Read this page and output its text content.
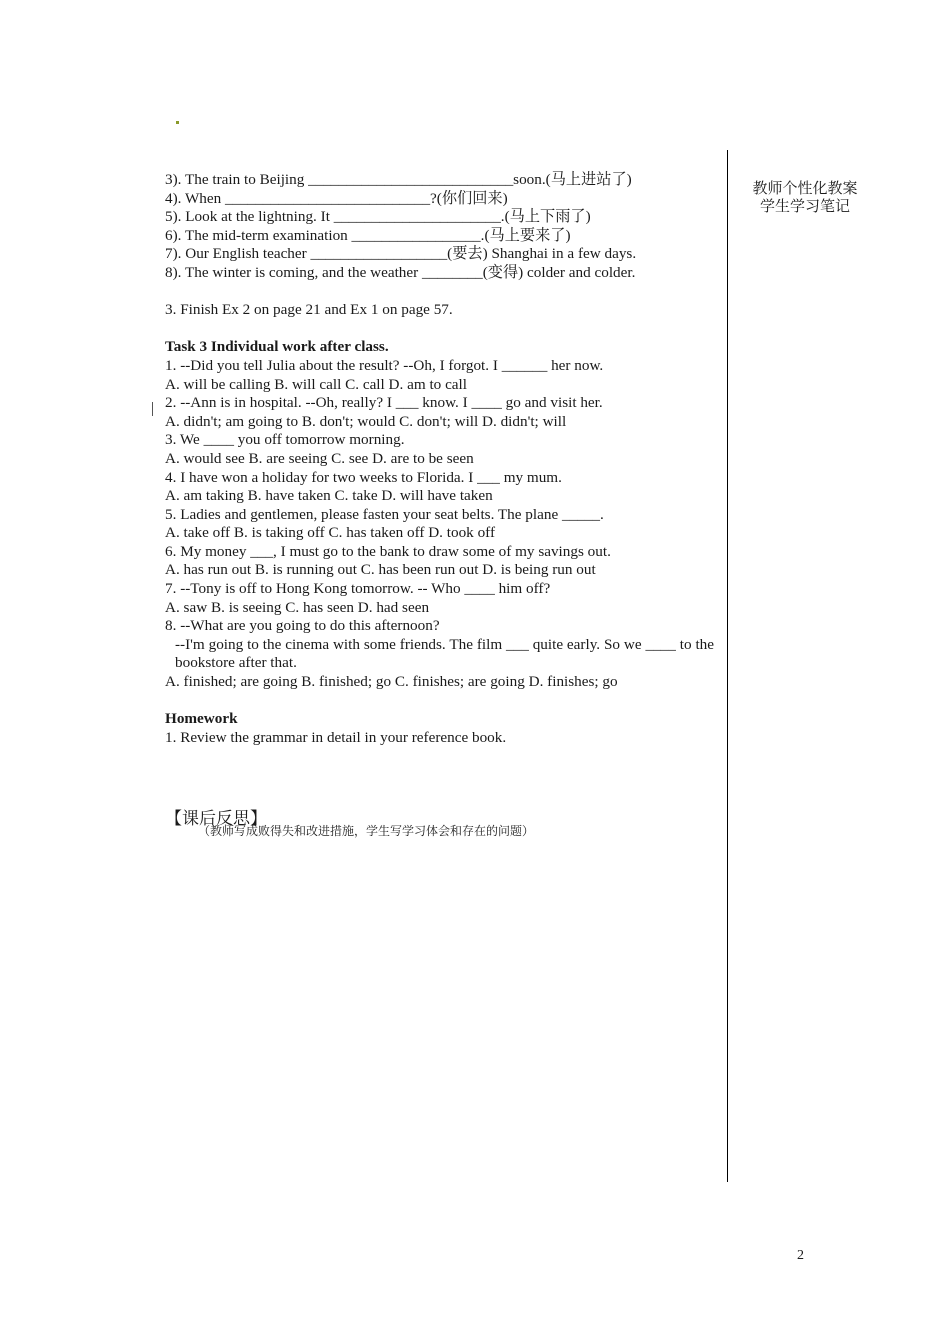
3). The train to Beijing ___________________________soon.(马上进站了)
4). When ___________________________?(你们回来)
5). Look at the lightning. It ______________________.(马上下雨了)
6). The mid-term examination _________________.(马上要来了)
7). Our English teacher __________________(要去) Shanghai in a few days.
8). The winter is coming, and the weather ________(变得) colder and colder.
3. Finish Ex 2 on page 21 and Ex 1 on page 57.
Task 3 Individual work after class.
1. --Did you tell Julia about the result? --Oh, I forgot. I ______ her now.
A. will be calling B. will call C. call D. am to call
2. --Ann is in hospital. --Oh, really? I ___ know. I ____ go and visit her.
A. didn't; am going to B. don't; would C. don't; will D. didn't; will
3. We ____ you off tomorrow morning.
A. would see B. are seeing C. see D. are to be seen
4. I have won a holiday for two weeks to Florida. I ___ my mum.
A. am taking B. have taken C. take D. will have taken
5. Ladies and gentlemen, please fasten your seat belts. The plane _____.
A. take off B. is taking off C. has taken off D. took off
6. My money ___, I must go to the bank to draw some of my savings out.
A. has run out B. is running out C. has been run out D. is being run out
7. --Tony is off to Hong Kong tomorrow. -- Who ____ him off?
A. saw B. is seeing C. has seen D. had seen
8. --What are you going to do this afternoon?
--I'm going to the cinema with some friends. The film ___ quite early. So we ____ to the bookstore after that.
A. finished; are going B. finished; go C. finishes; are going D. finishes; go
Homework
1. Review the grammar in detail in your reference book.
教师个性化教案
学生学习笔记
【课后反思】
（教师写成败得失和改进措施，学生写学习体会和存在的问题）
2
